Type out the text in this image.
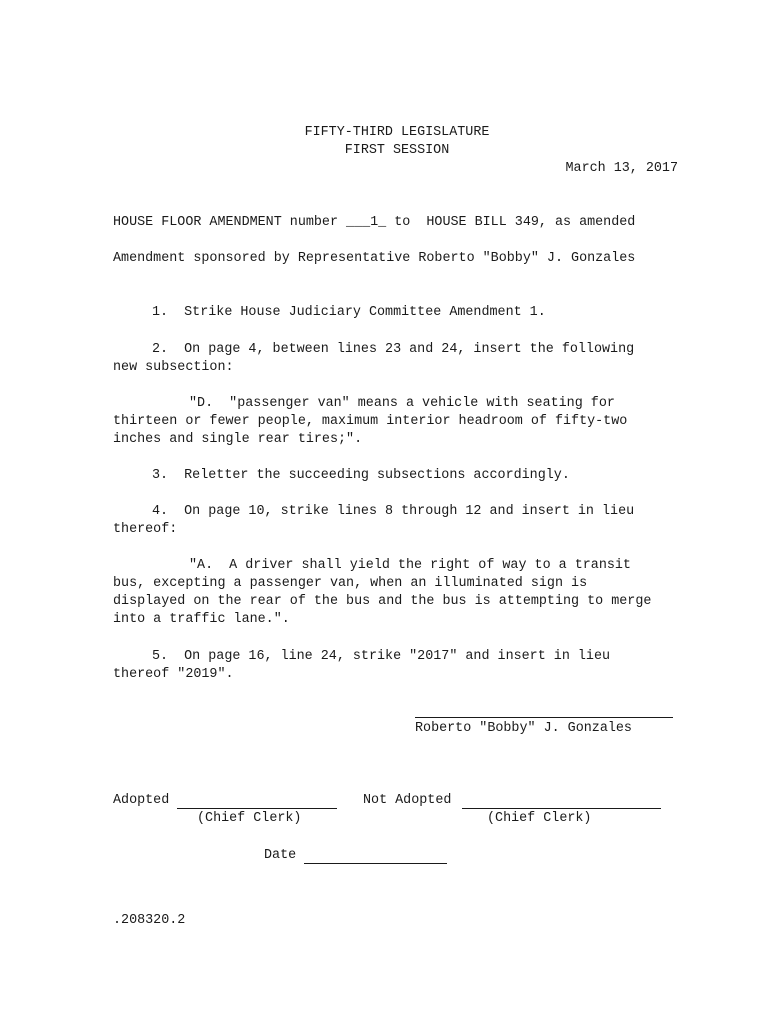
FIFTY-THIRD LEGISLATURE
FIRST SESSION
March 13, 2017
HOUSE FLOOR AMENDMENT number ___1_ to  HOUSE BILL 349, as amended
Amendment sponsored by Representative Roberto "Bobby" J. Gonzales
1.  Strike House Judiciary Committee Amendment 1.
2.  On page 4, between lines 23 and 24, insert the following
new subsection:
"D.  "passenger van" means a vehicle with seating for
thirteen or fewer people, maximum interior headroom of fifty-two
inches and single rear tires;".
3.  Reletter the succeeding subsections accordingly.
4.  On page 10, strike lines 8 through 12 and insert in lieu
thereof:
"A.  A driver shall yield the right of way to a transit
bus, excepting a passenger van, when an illuminated sign is
displayed on the rear of the bus and the bus is attempting to merge
into a traffic lane.".
5.  On page 16, line 24, strike "2017" and insert in lieu
thereof "2019".
Roberto "Bobby" J. Gonzales
Adopted
(Chief Clerk)
Not Adopted
(Chief Clerk)
Date
.208320.2
